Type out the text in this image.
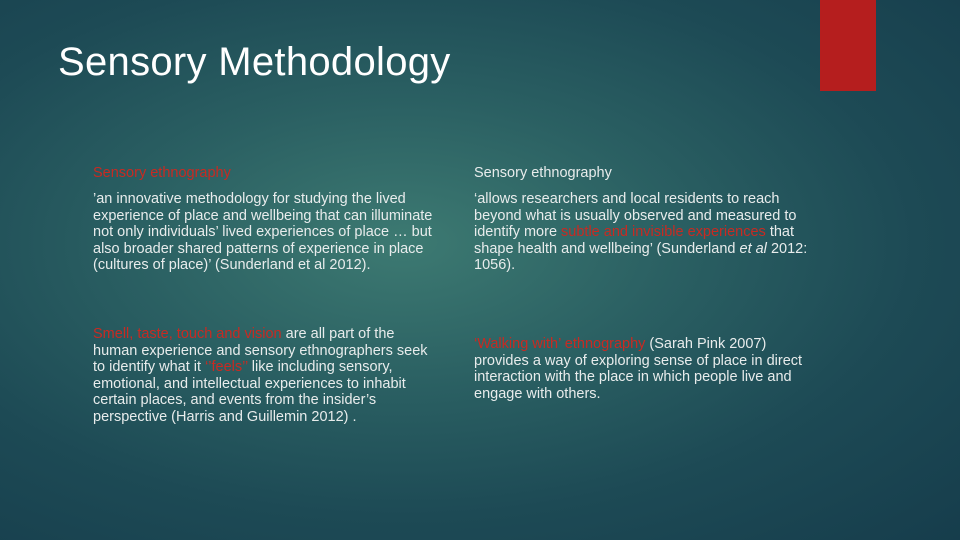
Sensory Methodology

Sensory ethnography

’an innovative methodology for studying the lived experience of place and wellbeing that can illuminate not only individuals’ lived experiences of place … but also broader shared patterns of experience in place (cultures of place)’ (Sunderland et al 2012).

Smell, taste, touch and vision are all part of the human experience and sensory ethnographers seek to identify what it ‘’feels’’ like including sensory, emotional, and intellectual experiences to inhabit certain places, and events from the insider’s perspective (Harris and Guillemin 2012) .

Sensory ethnography

‘allows researchers and local residents to reach beyond what is usually observed and measured to identify more subtle and invisible experiences that shape health and wellbeing’ (Sunderland et al 2012: 1056).

‘Walking with’ ethnography (Sarah Pink 2007) provides a way of exploring sense of place in direct interaction with the place in which people live and engage with others.
